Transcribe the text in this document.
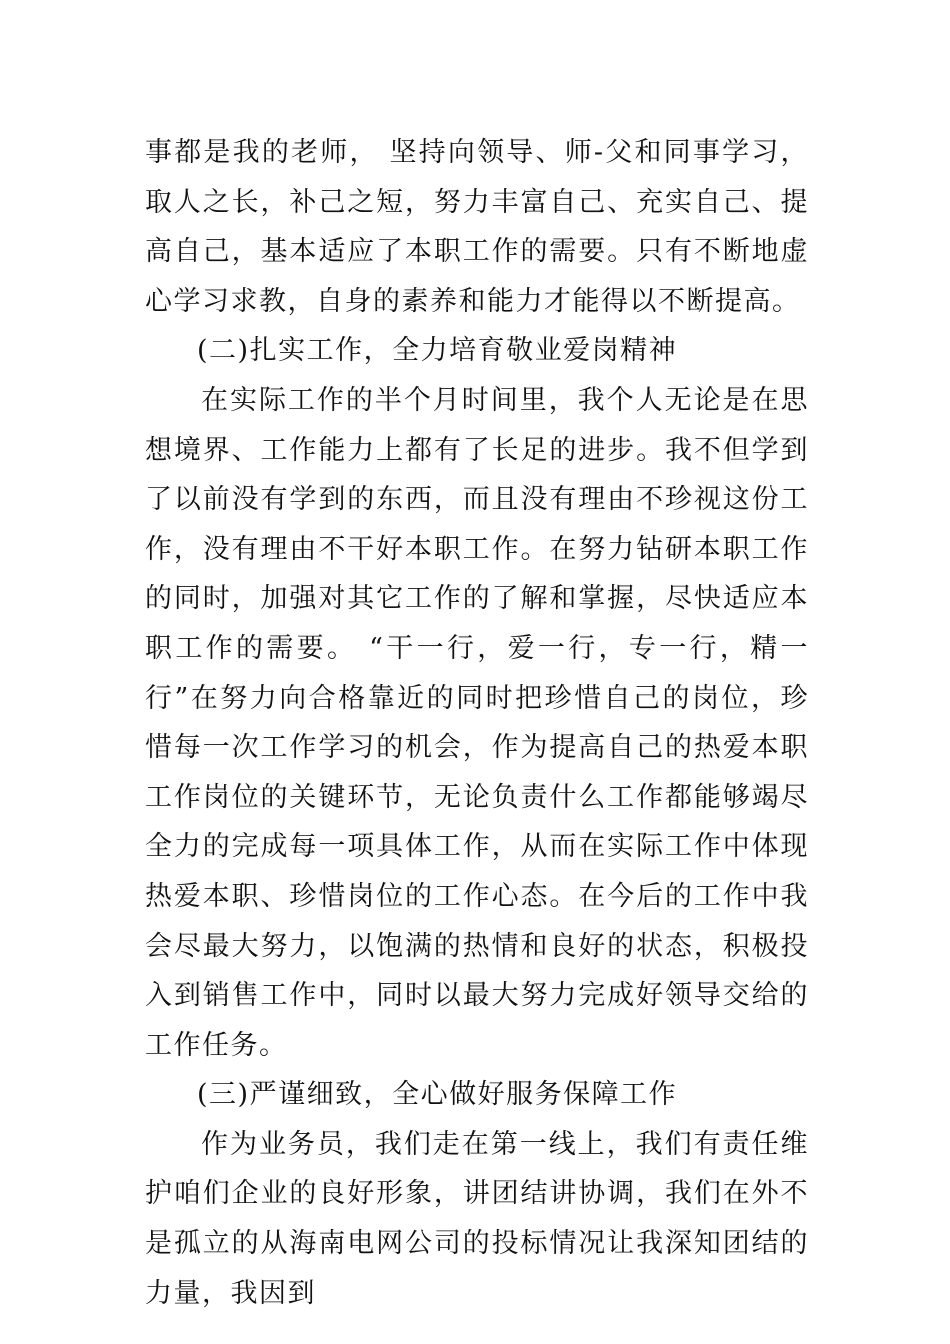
事都是我的老师， 坚持向领导、师-父和同事学习，取人之长，补己之短，努力丰富自己、充实自己、提高自己，基本适应了本职工作的需要。只有不断地虚心学习求教，自身的素养和能力才能得以不断提高。

(二)扎实工作，全力培育敬业爱岗精神

在实际工作的半个月时间里，我个人无论是在思想境界、工作能力上都有了长足的进步。我不但学到了以前没有学到的东西，而且没有理由不珍视这份工作，没有理由不干好本职工作。在努力钻研本职工作的同时，加强对其它工作的了解和掌握，尽快适应本职工作的需要。 “干一行，爱一行，专一行，精一行”在努力向合格靠近的同时把珍惜自己的岗位，珍惜每一次工作学习的机会，作为提高自己的热爱本职工作岗位的关键环节，无论负责什么工作都能够竭尽全力的完成每一项具体工作，从而在实际工作中体现热爱本职、珍惜岗位的工作心态。在今后的工作中我会尽最大努力，以饱满的热情和良好的状态，积极投入到销售工作中，同时以最大努力完成好领导交给的工作任务。

(三)严谨细致，全心做好服务保障工作

作为业务员，我们走在第一线上，我们有责任维护咱们企业的良好形象，讲团结讲协调，我们在外不是孤立的从海南电网公司的投标情况让我深知团结的力量，我因到
